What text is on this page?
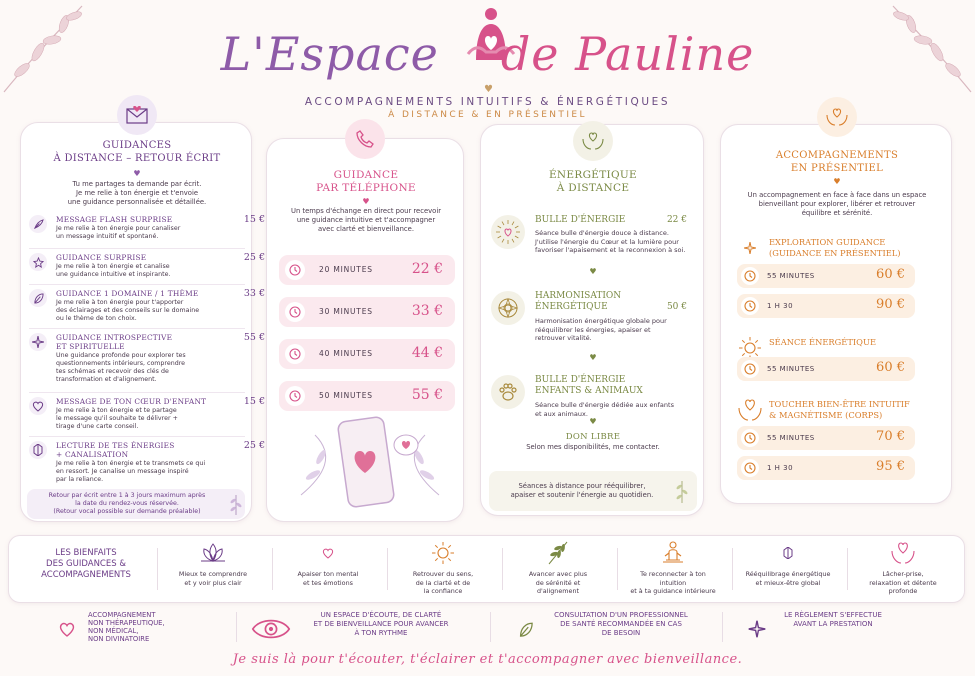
L'Espace de Pauline
♥
ACCOMPAGNEMENTS INTUITIFS & ÉNERGÉTIQUES
À DISTANCE & EN PRÉSENTIEL
GUIDANCES
À DISTANCE – RETOUR ÉCRIT
♥
Tu me partages ta demande par écrit.
Je me relie à ton énergie et t'envoie
une guidance personnalisée et détaillée.
MESSAGE FLASH SURPRISE	15 €
Je me relie à ton énergie pour canaliser
un message intuitif et spontané.
GUIDANCE SURPRISE	25 €
Je me relie à ton énergie et canalise
une guidance intuitive et inspirante.
GUIDANCE 1 DOMAINE / 1 THÈME	33 €
Je me relie à ton énergie pour t'apporter
des éclairages et des conseils sur le domaine
ou le thème de ton choix.
GUIDANCE INTROSPECTIVE
ET SPIRITUELLE
55 €
Une guidance profonde pour explorer tes
questionnements intérieurs, comprendre
tes schémas et recevoir des clés de
transformation et d'alignement.
MESSAGE DE TON CŒUR D'ENFANT	15 €
Je me relie à ton énergie et te partage
le message qu'il souhaite te délivrer +
tirage d'une carte conseil.
LECTURE DE TES ÉNERGIES
+ CANALISATION
25 €
Je me relie à ton énergie et te transmets ce qui
en ressort. Je canalise un message inspiré
par la reliance.
Retour par écrit entre 1 à 3 jours maximum après
la date du rendez-vous réservée.
(Retour vocal possible sur demande préalable)
GUIDANCE
PAR TÉLÉPHONE
♥
Un temps d'échange en direct pour recevoir
une guidance intuitive et t'accompagner
avec clarté et bienveillance.
20 MINUTES	22 €
30 MINUTES	33 €
40 MINUTES	44 €
50 MINUTES	55 €
ÉNERGÉTIQUE
À DISTANCE
BULLE D'ÉNERGIE	22 €
Séance bulle d'énergie douce à distance.
J'utilise l'énergie du Cœur et la lumière pour
favoriser l'apaisement et la reconnexion à soi.
♥
HARMONISATION
ÉNERGÉTIQUE	50 €
Harmonisation énergétique globale pour
rééquilibrer les énergies, apaiser et
retrouver vitalité.
♥
BULLE D'ÉNERGIE
ENFANTS & ANIMAUX
Séance bulle d'énergie dédiée aux enfants
et aux animaux.
♥
DON LIBRE
Selon mes disponibilités, me contacter.
Séances à distance pour rééquilibrer,
apaiser et soutenir l'énergie au quotidien.
ACCOMPAGNEMENTS
EN PRÉSENTIEL
♥
Un accompagnement en face à face dans un espace
bienveillant pour explorer, libérer et retrouver
équilibre et sérénité.
EXPLORATION GUIDANCE
(GUIDANCE EN PRÉSENTIEL)
55 MINUTES	60 €
1 H 30	90 €
SÉANCE ÉNERGÉTIQUE
55 MINUTES	60 €
TOUCHER BIEN-ÊTRE INTUITIF
& MAGNÉTISME (CORPS)
55 MINUTES	70 €
1 H 30	95 €
LES BIENFAITS
DES GUIDANCES &
ACCOMPAGNEMENTS	Mieux te comprendre
et y voir plus clair
Apaiser ton mental
et tes émotions
Retrouver du sens,
de la clarté et de
la confiance
Avancer avec plus
de sérénité et
d'alignement
Te reconnecter à ton intuition
et à ta guidance intérieure
Rééquilibrage énergétique
et mieux-être global
Lâcher-prise,
relaxation et détente
profonde
ACCOMPAGNEMENT
NON THÉRAPEUTIQUE,
NON MÉDICAL,
NON DIVINATOIRE
UN ESPACE D'ÉCOUTE, DE CLARTÉ
ET DE BIENVEILLANCE POUR AVANCER
À TON RYTHME
CONSULTATION D'UN PROFESSIONNEL
DE SANTÉ RECOMMANDÉE EN CAS
DE BESOIN
LE RÈGLEMENT S'EFFECTUE
AVANT LA PRESTATION
Je suis là pour t'écouter, t'éclairer et t'accompagner avec bienveillance.
